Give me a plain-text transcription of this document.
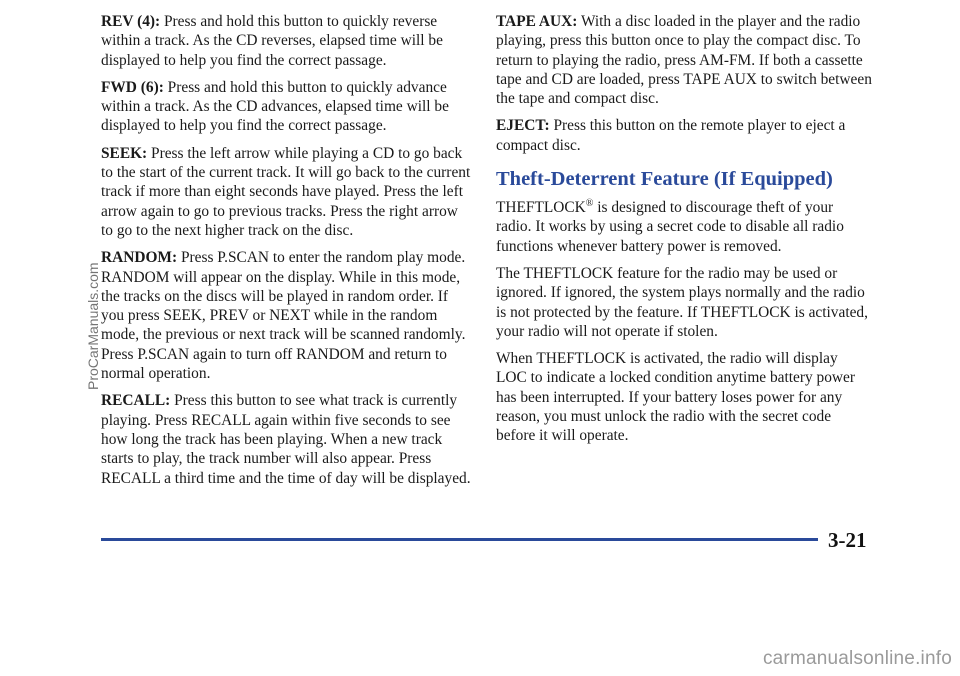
REV (4): Press and hold this button to quickly reverse within a track. As the CD reverses, elapsed time will be displayed to help you find the correct passage.

FWD (6): Press and hold this button to quickly advance within a track. As the CD advances, elapsed time will be displayed to help you find the correct passage.

SEEK: Press the left arrow while playing a CD to go back to the start of the current track. It will go back to the current track if more than eight seconds have played. Press the left arrow again to go to previous tracks. Press the right arrow to go to the next higher track on the disc.

RANDOM: Press P.SCAN to enter the random play mode. RANDOM will appear on the display. While in this mode, the tracks on the discs will be played in random order. If you press SEEK, PREV or NEXT while in the random mode, the previous or next track will be scanned randomly. Press P.SCAN again to turn off RANDOM and return to normal operation.

RECALL: Press this button to see what track is currently playing. Press RECALL again within five seconds to see how long the track has been playing. When a new track starts to play, the track number will also appear. Press RECALL a third time and the time of day will be displayed.

TAPE AUX: With a disc loaded in the player and the radio playing, press this button once to play the compact disc. To return to playing the radio, press AM-FM. If both a cassette tape and CD are loaded, press TAPE AUX to switch between the tape and compact disc.

EJECT: Press this button on the remote player to eject a compact disc.

Theft-Deterrent Feature (If Equipped)

THEFTLOCK® is designed to discourage theft of your radio. It works by using a secret code to disable all radio functions whenever battery power is removed.

The THEFTLOCK feature for the radio may be used or ignored. If ignored, the system plays normally and the radio is not protected by the feature. If THEFTLOCK is activated, your radio will not operate if stolen.

When THEFTLOCK is activated, the radio will display LOC to indicate a locked condition anytime battery power has been interrupted. If your battery loses power for any reason, you must unlock the radio with the secret code before it will operate.

3-21
ProCarManuals.com
carmanualsonline.info
